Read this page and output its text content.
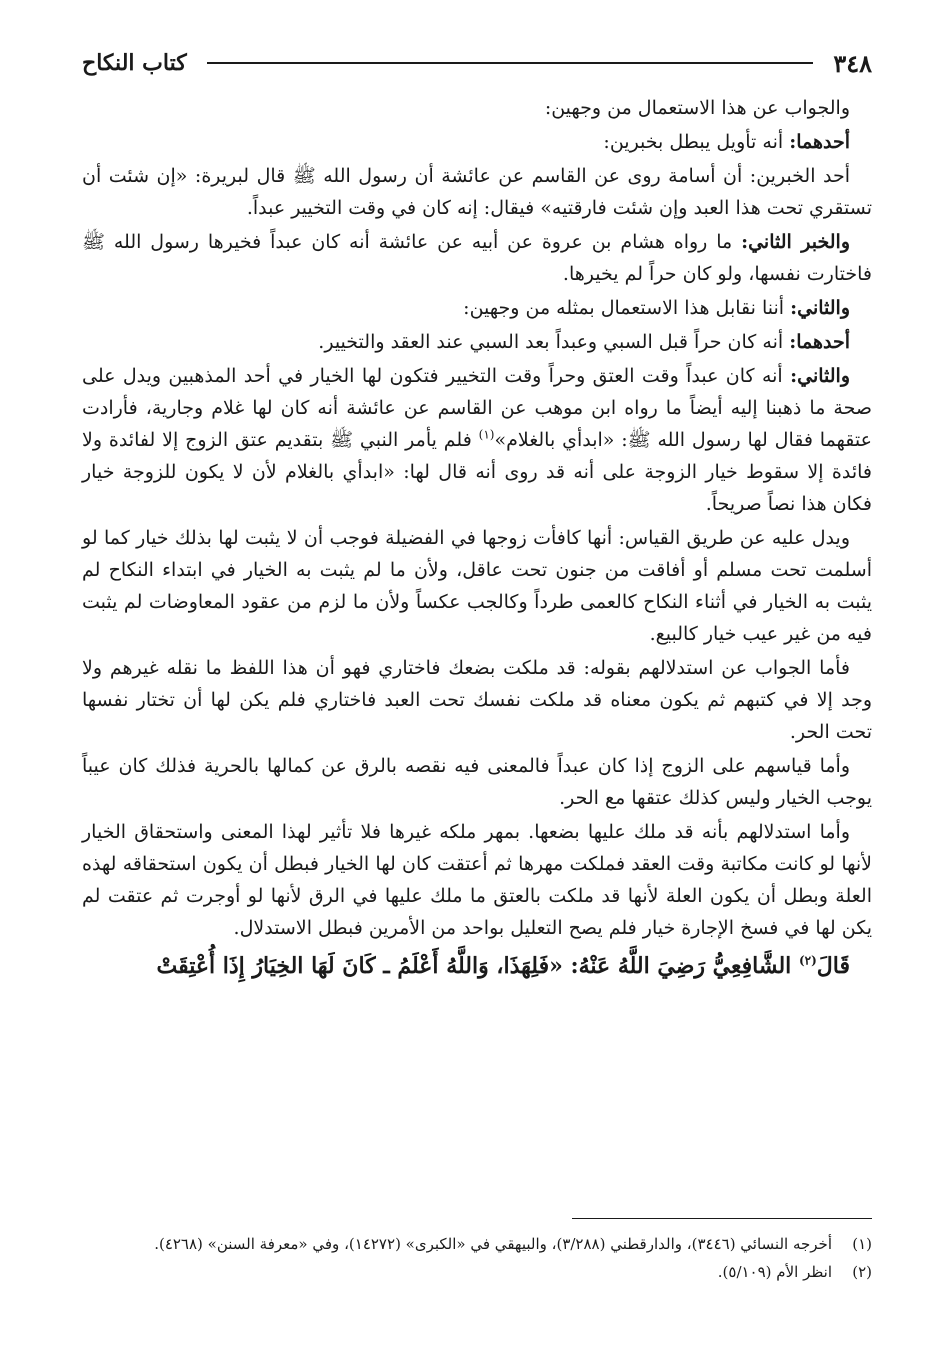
٣٤٨
كتاب النكاح

والجواب عن هذا الاستعمال من وجهين:

أحدهما: أنه تأويل يبطل بخبرين:

أحد الخبرين: أن أسامة روى عن القاسم عن عائشة أن رسول الله ﷺ قال لبريرة: «إن شئت أن تستقري تحت هذا العبد وإن شئت فارقتيه» فيقال: إنه كان في وقت التخيير عبداً.

والخبر الثاني: ما رواه هشام بن عروة عن أبيه عن عائشة أنه كان عبداً فخيرها رسول الله ﷺ فاختارت نفسها، ولو كان حراً لم يخيرها.

والثاني: أننا نقابل هذا الاستعمال بمثله من وجهين:

أحدهما: أنه كان حراً قبل السبي وعبداً بعد السبي عند العقد والتخيير.

والثاني: أنه كان عبداً وقت العتق وحراً وقت التخيير فتكون لها الخيار في أحد المذهبين ويدل على صحة ما ذهبنا إليه أيضاً ما رواه ابن موهب عن القاسم عن عائشة أنه كان لها غلام وجارية، فأرادت عتقهما فقال لها رسول الله ﷺ: «ابدأي بالغلام»$^{(١)}$ فلم يأمر النبي ﷺ بتقديم عتق الزوج إلا لفائدة ولا فائدة إلا سقوط خيار الزوجة على أنه قد روى أنه قال لها: «ابدأي بالغلام لأن لا يكون للزوجة خيار فكان هذا نصاً صريحاً.

ويدل عليه عن طريق القياس: أنها كافأت زوجها في الفضيلة فوجب أن لا يثبت لها بذلك خيار كما لو أسلمت تحت مسلم أو أفاقت من جنون تحت عاقل، ولأن ما لم يثبت به الخيار في ابتداء النكاح لم يثبت به الخيار في أثناء النكاح كالعمى طرداً وكالجب عكساً ولأن ما لزم من عقود المعاوضات لم يثبت فيه من غير عيب خيار كالبيع.

فأما الجواب عن استدلالهم بقوله: قد ملكت بضعك فاختاري فهو أن هذا اللفظ ما نقله غيرهم ولا وجد إلا في كتبهم ثم يكون معناه قد ملكت نفسك تحت العبد فاختاري فلم يكن لها أن تختار نفسها تحت الحر.

وأما قياسهم على الزوج إذا كان عبداً فالمعنى فيه نقصه بالرق عن كمالها بالحرية فذلك كان عيباً يوجب الخيار وليس كذلك عتقها مع الحر.

وأما استدلالهم بأنه قد ملك عليها بضعها. بمهر ملكه غيرها فلا تأثير لهذا المعنى واستحقاق الخيار لأنها لو كانت مكاتبة وقت العقد فملكت مهرها ثم أعتقت كان لها الخيار فبطل أن يكون استحقاقه لهذه العلة وبطل أن يكون العلة لأنها قد ملكت بالعتق ما ملك عليها في الرق لأنها لو أوجرت ثم عتقت لم يكن لها في فسخ الإجارة خيار فلم يصح التعليل بواحد من الأمرين فبطل الاستدلال.

قَالَ$^{(٢)}$ الشَّافِعِيُّ رَضِيَ اللَّهُ عَنْهُ: «فَلِهَذَا، وَاللَّهُ أَعْلَمُ ـ كَانَ لَهَا الخِيَارُ إِذَا أُعْتِقَتْ

(١)
أخرجه النسائي (٣٤٤٦)، والدارقطني (٣/٢٨٨)، والبيهقي في «الكبرى» (١٤٢٧٢)، وفي «معرفة السنن» (٤٢٦٨).
(٢)
انظر الأم (٥/١٠٩).
